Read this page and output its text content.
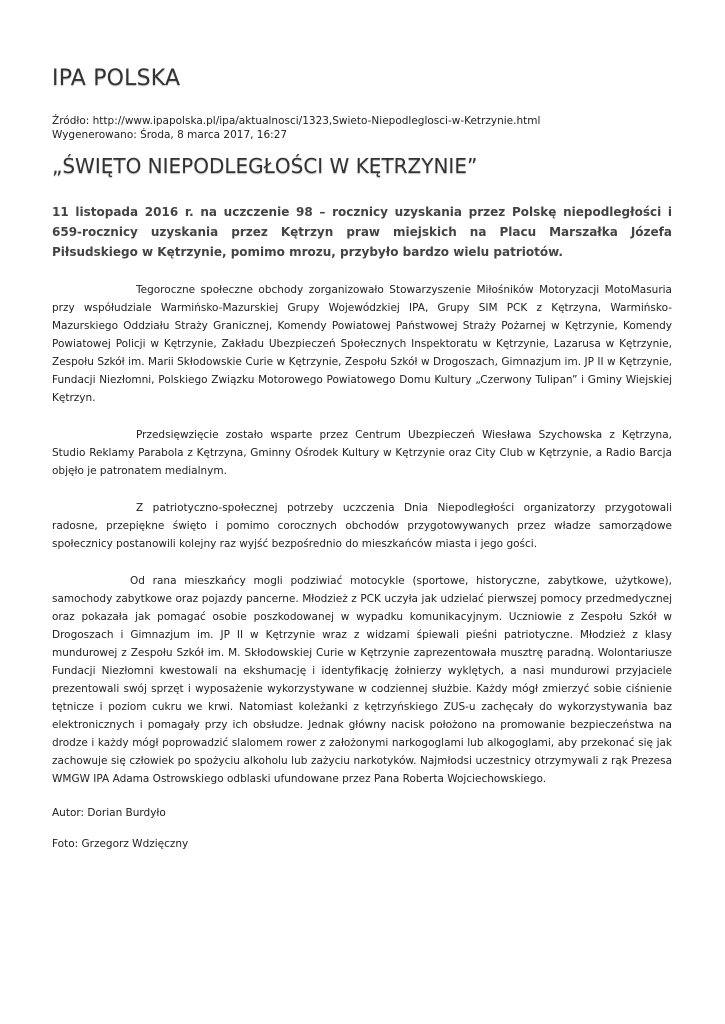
IPA POLSKA
Źródło: http://www.ipapolska.pl/ipa/aktualnosci/1323,Swieto-Niepodleglosci-w-Ketrzynie.html
Wygenerowano: Środa, 8 marca 2017, 16:27
„ŚWIĘTO NIEPODLEGŁOŚCI W KĘTRZYNIE”
11 listopada 2016 r. na uczczenie 98 – rocznicy uzyskania przez Polskę niepodległości i 659-rocznicy uzyskania przez Kętrzyn praw miejskich na Placu Marszałka Józefa Piłsudskiego w Kętrzynie, pomimo mrozu, przybyło bardzo wielu patriotów.
Tegoroczne społeczne obchody zorganizowało Stowarzyszenie Miłośników Motoryzacji MotoMasuria przy współudziale Warmińsko-Mazurskiej Grupy Wojewódzkiej IPA, Grupy SIM PCK z Kętrzyna, Warmińsko-Mazurskiego Oddziału Straży Granicznej, Komendy Powiatowej Państwowej Straży Pożarnej w Kętrzynie, Komendy Powiatowej Policji w Kętrzynie, Zakładu Ubezpieczeń Społecznych Inspektoratu w Kętrzynie, Lazarusa w Kętrzynie, Zespołu Szkół im. Marii Skłodowskie Curie w Kętrzynie, Zespołu Szkół w Drogoszach, Gimnazjum im. JP II w Kętrzynie, Fundacji Niezłomni, Polskiego Związku Motorowego Powiatowego Domu Kultury „Czerwony Tulipan” i Gminy Wiejskiej Kętrzyn.
Przedsięwzięcie zostało wsparte przez Centrum Ubezpieczeń Wiesława Szychowska z Kętrzyna, Studio Reklamy Parabola z Kętrzyna, Gminny Ośrodek Kultury w Kętrzynie oraz City Club w Kętrzynie, a Radio Barcja objęło je patronatem medialnym.
Z patriotyczno-społecznej potrzeby uczczenia Dnia Niepodległości organizatorzy przygotowali radosne, przepiękne święto i pomimo corocznych obchodów przygotowywanych przez władze samorządowe społecznicy postanowili kolejny raz wyjść bezpośrednio do mieszkańców miasta i jego gości.
Od rana mieszkańcy mogli podziwiać motocykle (sportowe, historyczne, zabytkowe, użytkowe), samochody zabytkowe oraz pojazdy pancerne. Młodzież z PCK uczyła jak udzielać pierwszej pomocy przedmedycznej oraz pokazała jak pomagać osobie poszkodowanej w wypadku komunikacyjnym. Uczniowie z Zespołu Szkół w Drogoszach i Gimnazjum im. JP II w Kętrzynie wraz z widzami śpiewali pieśni patriotyczne. Młodzież z klasy mundurowej z Zespołu Szkół im. M. Skłodowskiej Curie w Kętrzynie zaprezentowała musztrę paradną. Wolontariusze Fundacji Niezłomni kwestowali na ekshumację i identyfikację żołnierzy wyklętych, a nasi mundurowi przyjaciele prezentowali swój sprzęt i wyposażenie wykorzystywane w codziennej służbie. Każdy mógł zmierzyć sobie ciśnienie tętnicze i poziom cukru we krwi. Natomiast koleżanki z kętrzyńskiego ZUS-u zachęcały do wykorzystywania baz elektronicznych i pomagały przy ich obsłudze. Jednak główny nacisk położono na promowanie bezpieczeństwa na drodze i każdy mógł poprowadzić slalomem rower z założonymi narkogoglami lub alkogoglami, aby przekonać się jak zachowuje się człowiek po spożyciu alkoholu lub zażyciu narkotyków. Najmłodsi uczestnicy otrzymywali z rąk Prezesa WMGW IPA Adama Ostrowskiego odblaski ufundowane przez Pana Roberta Wojciechowskiego.
Autor: Dorian Burdyło
Foto: Grzegorz Wdzięczny
